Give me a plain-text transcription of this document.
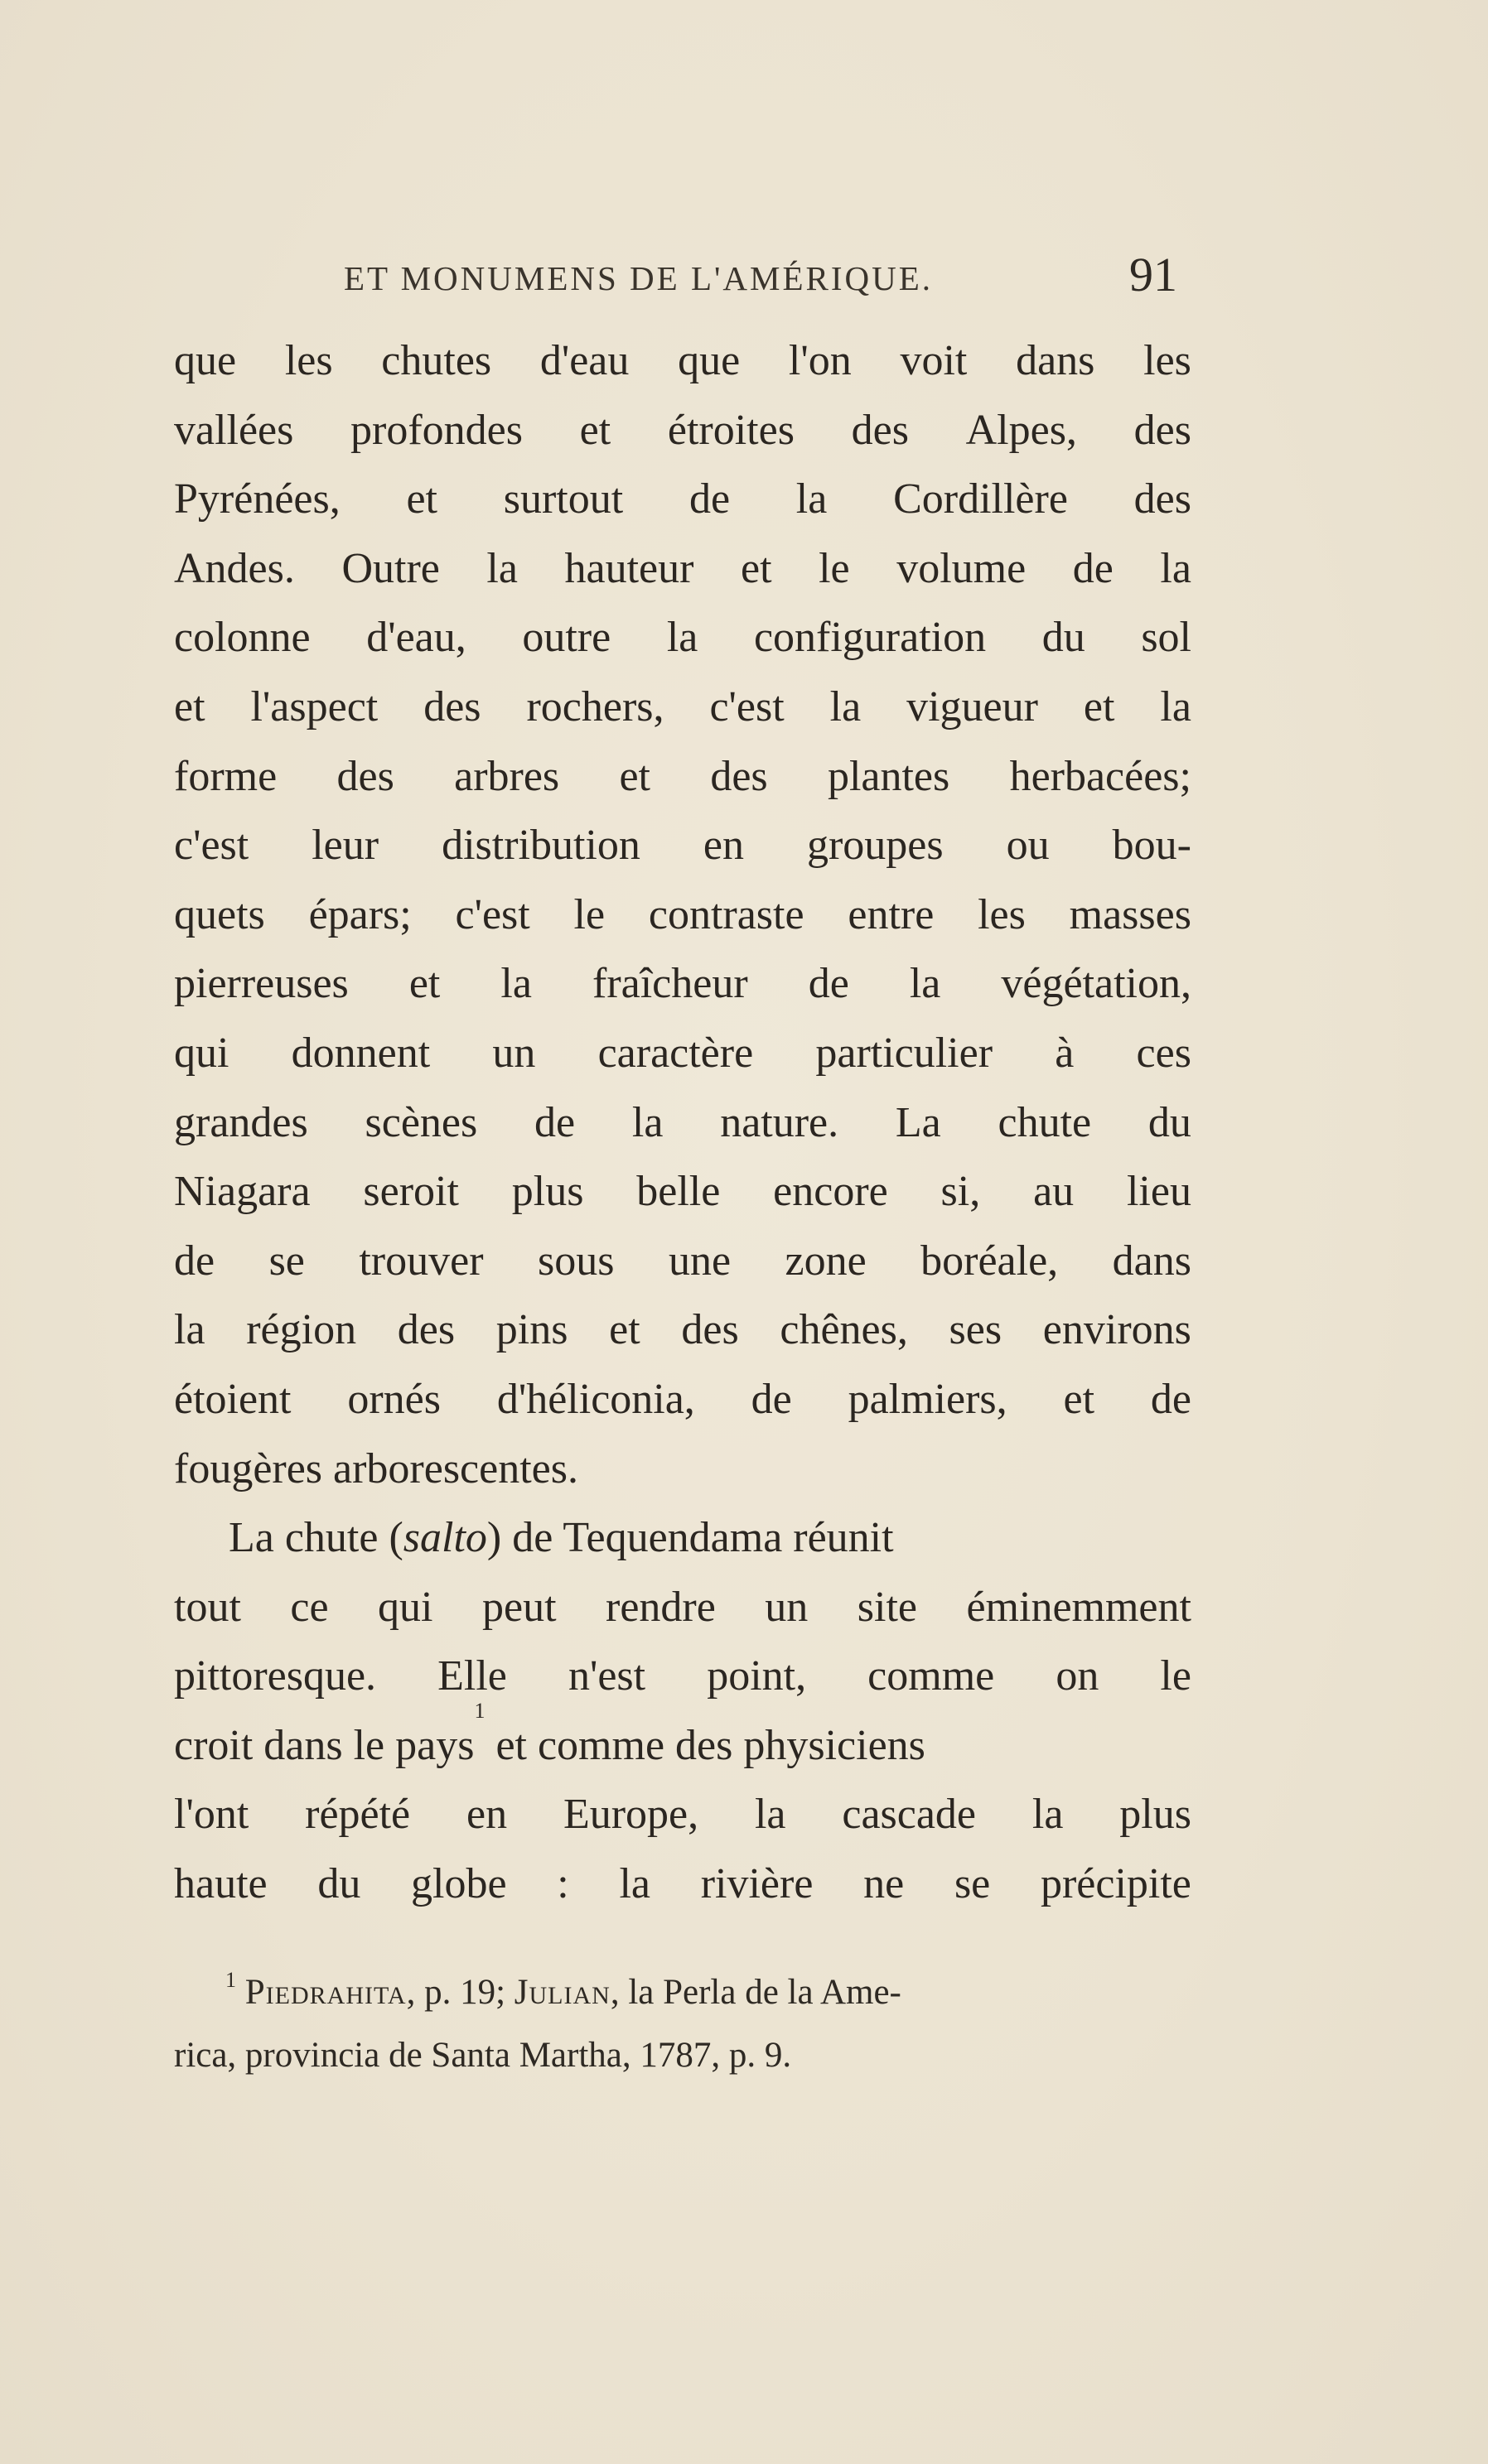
ET MONUMENS DE L'AMÉRIQUE.	91
que les chutes d'eau que l'on voit dans les
vallées profondes et étroites des Alpes, des
Pyrénées, et surtout de la Cordillère des
Andes. Outre la hauteur et le volume de la
colonne d'eau, outre la configuration du sol
et l'aspect des rochers, c'est la vigueur et la
forme des arbres et des plantes herbacées;
c'est leur distribution en groupes ou bou-
quets épars; c'est le contraste entre les masses
pierreuses et la fraîcheur de la végétation,
qui donnent un caractère particulier à ces
grandes scènes de la nature. La chute du
Niagara seroit plus belle encore si, au lieu
de se trouver sous une zone boréale, dans
la région des pins et des chênes, ses environs
étoient ornés d'héliconia, de palmiers, et de
fougères arborescentes.
La chute ( salto ) de Tequendama réunit
tout ce qui peut rendre un site éminemment
pittoresque. Elle n'est point, comme on le
croit dans le pays
1
et comme des physiciens
l'ont répété en Europe, la cascade la plus
haute du globe : la rivière ne se précipite
$^1$ Piedrahita, p. 19; Julian, la Perla de la Ame-
rica, provincia de Santa Martha, 1787, p. 9.
